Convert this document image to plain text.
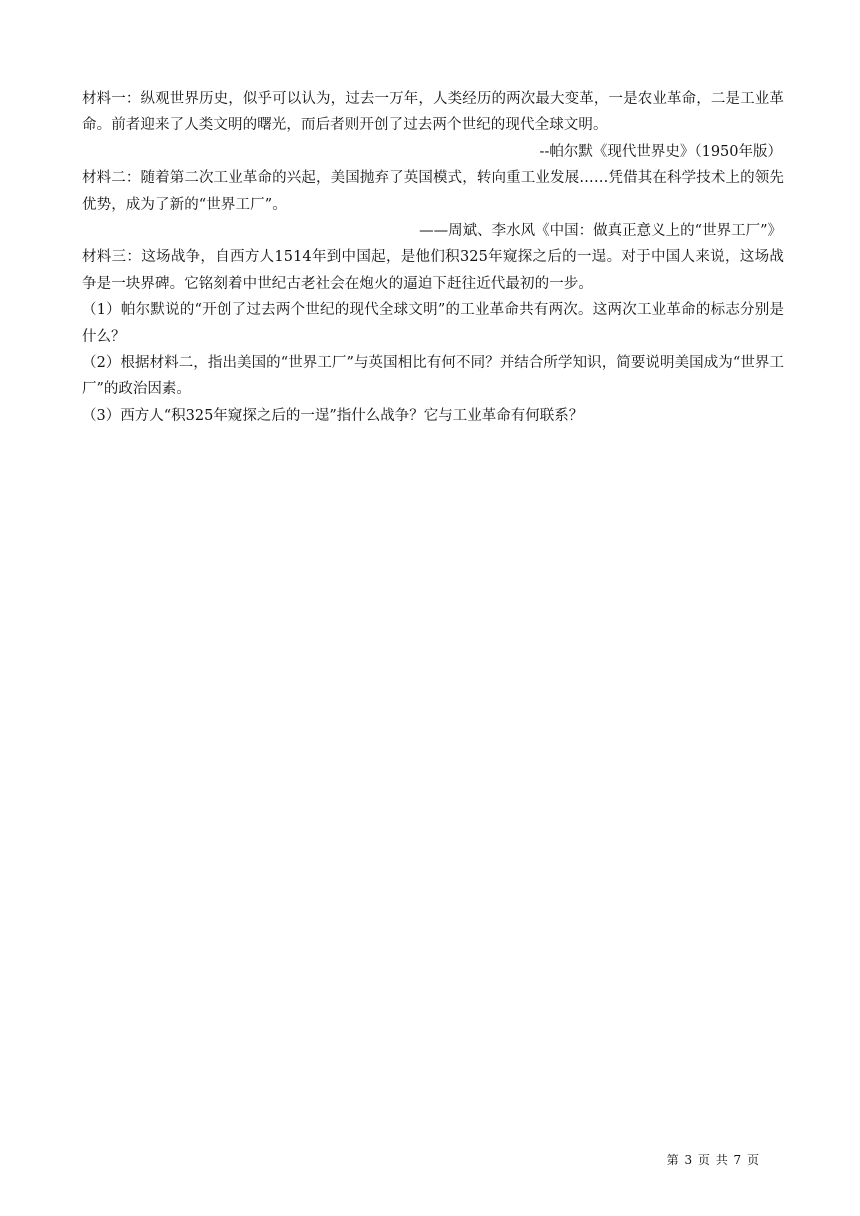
材料一：纵观世界历史，似乎可以认为，过去一万年，人类经历的两次最大变革，一是农业革命，二是工业革命。前者迎来了人类文明的曙光，而后者则开创了过去两个世纪的现代全球文明。

--帕尔默《现代世界史》（1950年版）

材料二：随着第二次工业革命的兴起，美国抛弃了英国模式，转向重工业发展……凭借其在科学技术上的领先优势，成为了新的“世界工厂”。

——周斌、李水风《中国：做真正意义上的“世界工厂”》

材料三：这场战争，自西方人1514年到中国起，是他们积325年窥探之后的一逞。对于中国人来说，这场战争是一块界碑。它铭刻着中世纪古老社会在炮火的逼迫下赶往近代最初的一步。

（1）帕尔默说的“开创了过去两个世纪的现代全球文明”的工业革命共有两次。这两次工业革命的标志分别是什么？

（2）根据材料二，指出美国的“世界工厂”与英国相比有何不同？并结合所学知识，简要说明美国成为“世界工厂”的政治因素。

（3）西方人“积325年窥探之后的一逞”指什么战争？它与工业革命有何联系？

第 3 页 共 7 页
